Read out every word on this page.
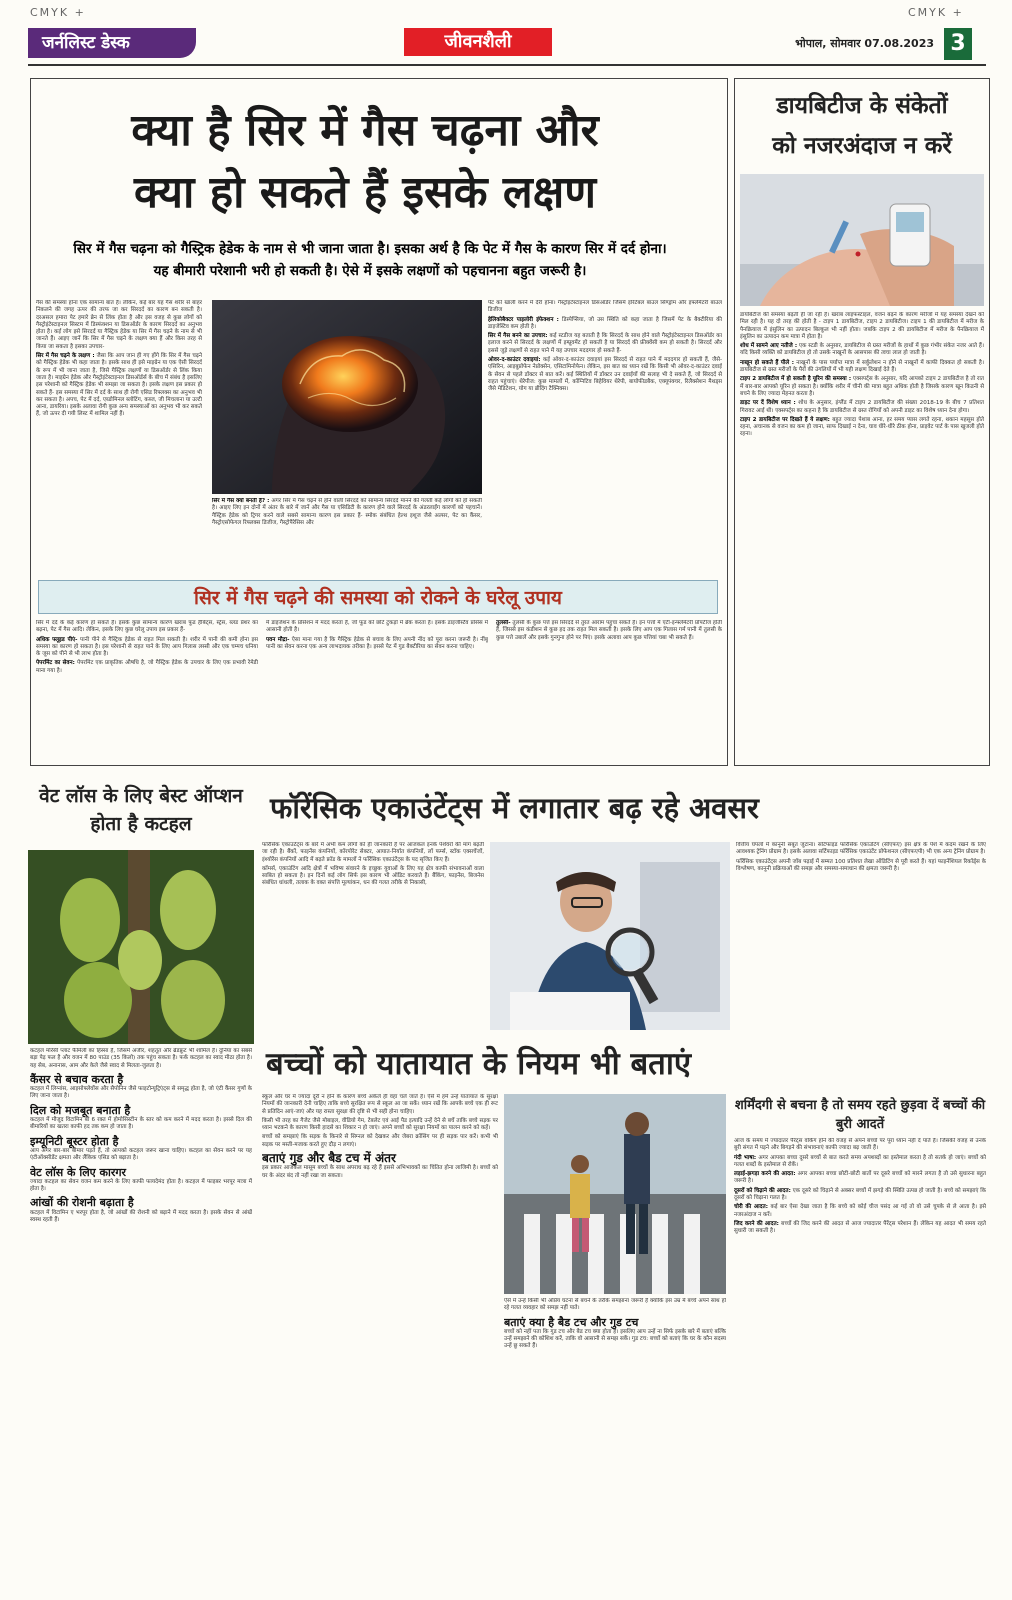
CMYK +	CMYK +
जर्नलिस्ट डेस्क	जीवनशैली	भोपाल, सोमवार 07.08.2023 3
क्या है सिर में गैस चढ़ना और
क्या हो सकते हैं इसके लक्षण
सिर में गैस चढ़ना को गैस्ट्रिक हेडेक के नाम से भी जाना जाता है। इसका अर्थ है कि पेट में गैस के कारण सिर में दर्द होना। यह बीमारी परेशानी भरी हो सकती है। ऐसे में इसके लक्षणों को पहचानना बहुत जरूरी है।

गैस की समस्या होना एक सामान्य बात है। लेकिन, कई बार यह गैस शरीर से बाहर निकलने की जगह ऊपर की तरफ जा कर सिरदर्द का कारण बन सकती है। दरअसल हमारा पेट हमारे ब्रेन से लिंक होता है और इस वजह से कुछ लोगों को गैस्ट्रोइंटेस्टाइनल सिस्टम में डिस्फंक्शन या डिसऑर्डर के कारण सिरदर्द का अनुभव होता है। कई लोग इसे सिरदर्द या गैस्ट्रिक हेडेक या सिर में गैस चढ़ने के नाम से भी जानते हैं। आइए जानें कि सिर में गैस चढ़ने के लक्षण क्या हैं और किस तरह से किया जा सकता है इसका उपचार-

सिर में गैस चढ़ने के लक्षण : जैसा कि आप जान ही गए होंगे कि सिर में गैस चढ़ने को गैस्ट्रिक हेडेक भी कहा जाता है। इसके साथ ही इसे माइग्रेन या एक ऐसी सिरदर्द के रूप में भी जाना जाता है, जिसे गैस्ट्रिक लक्षणों या डिसऑर्डर से लिंक किया जाता है। माइग्रेन हेडेक और गैस्ट्रोइंटेस्टाइनल डिसऑर्डर्स के बीच में संबंध है इसलिए इस परेशानी को गैस्ट्रिक हेडेक भी समझा जा सकता है। इसके लक्षण इस प्रकार हो सकते हैं- इस समस्या में सिर में दर्द के साथ ही रोगी एसिड रिफ्लक्स का अनुभव भी कर सकता है। अपच, पेट में दर्द, एब्डोमिनल ब्लोटिंग, कब्ज, जी मिचलाना या उल्टी आना, डायरिया। इसके अलावा रोगी कुछ अन्य समस्याओं का अनुभव भी कर सकते हैं, जो ऊपर दी गयी लिस्ट में शामिल नहीं हैं।

सिर में गैस क्यों बनती है? : अगर सिर में गैस चढ़ने से होने वाली सिरदर्द को सामान्य सिरदर्द मानने की गलती कई लोगों को हो सकती है। आइए लिए इन दोनों में अंतर के बारे में जानें और गैस या एसिडिटी के कारण होने वाले सिरदर्द के अंडरलाईंग कारणों को पहचानें। गैस्ट्रिक हेडेक को ट्रिगर करने वाले सबसे सामान्य कारण इस प्रकार हैं- स्मोक संबंधित हेल्थ इशूज जैसे अल्सर, पेट का कैंसर, गैस्ट्रोएसोफेगल रिफ्लक्स डिजीज, गैस्ट्रोपैरेसिस और

पेट को खाली करने में देरी होना। गैस्ट्रोइंटेस्टाइनल डिसऑर्डर जिसमें इरिटेबल बाउल सिण्ड्रोम और इंफ्लेमेटरी बाउल डिजीज

हेलिकोबैक्टर पाइलोरी इंफेक्शन : डिस्पेप्सिया, जो उस स्थिति को कहा जाता है जिसमें पेट के बैक्टीरिया की डाइजेस्टिव कम होती है।

सिर में गैस बनने का उपचार: कई स्टडीज यह बताती है कि सिरदर्द के साथ होने वाले गैस्ट्रोइंटेस्टाइनल डिसऑर्डर का इलाज करने से सिरदर्द के लक्षणों में इम्प्रूवमेंट हो सकती है या सिरदर्द की फ्रीक्वेंसी कम हो सकती है। सिरदर्द और इससे जुड़े लक्षणों से राहत पाने में यह उपचार मददगार हो सकते हैं-

ओवर-द-काउंटर दवाइयां: कई ओवर-द-काउंटर दवाइयां इस सिरदर्द से राहत पाने में मददगार हो सकती हैं, जैसे- एसिरिन, आइबुप्रोफेन नेप्रोक्सेन, एसिटामिनोफेन। लेकिन, इस बात का ध्यान रखें कि किसी भी ओवर-द-काउंटर दवाई के सेवन से पहले डॉक्टर से बात करें। कई स्थितियों में डॉक्टर उन दवाईयों की सलाह भी दे सकते हैं, जो सिरदर्द से राहत पहुंचाएं। थेरेपीज: कुछ मामलों में, कॉग्निटिव बिहेवियर थेरेपी, बायोफीडबैक, एक्यूपंक्चर, रिलैक्सेशन मैथड्स जैसे मेडिटेशन, योग या ब्रीदिंग टैक्निक्स।

सिर में गैस चढ़ने की समस्या को रोकने के घरेलू उपाय

सिर में दर्द के कई कारण हो सकते हैं। इसके कुछ सामान्य कारण खराब फूड हैबिट्स, स्ट्रेस, ब्लड प्रेशर का बढ़ना, पेट में गैस आदि। लेकिन, इसके लिए कुछ घरेलू उपाय इस प्रकार हैं-

अधिक फ्लूइड पीएं- पानी पीने से गैस्ट्रिक हेडेक से राहत मिल सकती है। शरीर में पानी की कमी होना इस समस्या का कारण हो सकता है। इस परेशानी से राहत पाने के लिए आप गिलास लस्सी और एक चम्मच धनिया के जूस को पीने से भी लाभ होता है।

पेपरमिंट का सेवन: पेपरमिंट एक प्राकृतिक औषधि है, जो गैस्ट्रिक हेडेक के उपचार के लिए एक प्रभावी रेमेडी माना गया है।

में डाइजेशन के प्रोसेशन में मदद करता है, जो फूड को छोटे टुकड़ों में ब्रेक करता है। इसके डाइजेस्टिव प्रोसेस में आसानी होती है।

पवन मौद्रा- ऐसा माना गया है कि गैस्ट्रिक हेडेक से बचाव के लिए अपनी नींद को पूरा करना जरूरी है। नींबू पानी का सेवन करना एक अन्य लाभदायक तरीका है। इससे पेट में गुड बैक्टीरिया का सेवन करना चाहिए।

तुलसी- तुलसी के कुछ पत्ते इस सिरदर्द से तुरंत आराम पहुंचा सकते हैं। इन पत्तों में एंटी-इन्फ्लेमेटरी प्रॉपर्टीज होती हैं, जिससे इस कंडीशन से कुछ हद तक राहत मिल सकती है। इसके लिए आप एक गिलास गर्म पानी में तुलसी के कुछ पत्ते उबालें और इसके गुनगुना होने पर पिएं। इसके अलावा आप कुछ पत्तियां चबा भी सकते हैं।

डायबिटीज के संकेतों
को नजरअंदाज न करें

डायबिटीज की समस्या बढ़ती ही जा रही है। खराब लाइफस्टाइल, वजन बढ़ने के कारण मरीजों में यह समस्या देखने को मिल रही है। यह दो तरह की होती है - टाइप 1 डायबिटीज, टाइप 2 डायबिटीज। टाइप 1 की डायबिटीज में मरीज के पैनक्रियाज में इंसुलिन का उत्पादन बिल्कुल भी नहीं होता। जबकि टाइप 2 की डायबिटीज में मरीज के पैनक्रियाज में इंसुलिन का उत्पादन कम मात्रा में होता है।

शोध में सामने आए नतीजे : एक स्टडी के अनुसार, डायबिटीज से ग्रस्त मरीजों के हाथों में कुछ गंभीर संकेत नजर आते हैं। यदि किसी व्यक्ति को डायबिटीज हो तो उसके नाखूनों के आसपास की त्वचा लाल हो जाती है।

नाखून हो सकते हैं पीले : नाखूनों के पास पर्याप्त मात्रा में सर्कुलेशन न होने से नाखूनों में काफी दिक्कत हो सकती है। डायबिटीज से ग्रस्त मरीजों के पैरों की उंगलियों में भी यही लक्षण दिखाई देते हैं।

टाइप 2 डायबिटीज में हो सकती है यूरिन की समस्या : एक्सपर्ट्स के अनुसार, यदि आपको टाइप 2 डायबिटीज है तो रात में बार-बार आपको यूरिन हो सकता है। क्योंकि शरीर में चीनी की मात्रा बहुत अधिक होती है जिसके कारण खून किडनी से बचने के लिए ज्यादा मेहनत करता है।

डाइट पर दें विशेष ध्यान : शोध के अनुसार, इंग्लैंड में टाइप 2 डायबिटीज की संख्या 2018-19 के बीच 7 प्रतिशत गिरावट आई थी। एक्सपर्ट्स का कहना है कि डायबिटीज से ग्रस्त रोगियों को अपनी डाइट का विशेष ध्यान देना होगा।

टाइप 2 डायबिटीज पर दिखते हैं ये लक्षण: बहुत ज्यादा पेशाब आना, हर समय प्यास लगते रहना, थकान महसूस होते रहना, अचानक से वजन का कम हो जाना, साफ दिखाई न देना, घाव धीरे-धीरे ठीक होना, प्राइवेट पार्ट के पास खुजली होते रहना।

वेट लॉस के लिए बेस्ट ऑप्शन होता है कटहल

कटहल मोरेसी प्लांट फैमिली का हिस्सा है, जिसमें अंजीर, शहतूत और ब्रेडफ्रूट भी शामिल हैं। दुनिया का सबसे बड़ा पेड़ फल है और वजन में 80 पाउंड (35 किलो) तक पहुंच सकता है। फर्क कटहल का स्वाद मीठा होता है। यह सेब, अनानास, आम और केले जैसे स्वाद से मिलता-जुलता है।

कैंसर से बचाव करता है

कटहल में लिग्नांस, आइसोफ्लेवोंस और सैपोनिन जैसे फाइटोन्यूट्रिएंट्स से समृद्ध होता है, जो एंटी कैंसर गुणों के लिए जाना जाता है।

दिल को मजबूत बनाता है

कटहल में मौजूद विटामिन बी 6 रक्त में होमोसिस्टीन के स्तर को कम करने में मदद करता है। इससे दिल की बीमारियों का खतरा काफी हद तक कम हो जाता है।

इम्यूनिटी बूस्टर होता है

आप अगर बार-बार बीमार पड़ते हैं, तो आपको कटहल जरूर खाना चाहिए। कटहल का सेवन करने पर यह एंटीऑक्सीडेंट क्षमता और लैंकिक एसिड को बढ़ाता है।

वेट लॉस के लिए कारगर

ज्यादा कटहल का सेवन वजन कम करने के लिए काफी फायदेमंद होता है। कटहल में फाइबर भरपूर मात्रा में होता है।

आंखों की रोशनी बढ़ाता है

कटहल में विटामिन ए भरपूर होता है, जो आंखों की रोशनी को बढ़ाने में मदद करता है। इसके सेवन से आंखें स्वस्थ रहती हैं।

फॉरेंसिक एकाउंटेंट्स में लगातार बढ़ रहे अवसर

फॉरेंसिक एकाउंटेंट्स के बारे में अभी कम लोगों को ही जानकारी है पर आजकल इनके पेशेवरों की मांग बढ़ती जा रही है। बैंकों, फाइनेंस कंपनियों, कॉरपोरेट सेक्टर, आयात-निर्यात कंपनियों, लॉ फर्म्स, स्टॉक एक्सचेंजों, इंश्योरेंस कंपनियों आदि में बढ़ते फ्रॉड के मामलों ने फॉरेंसिक एकाउंटेंट्स के पद सृजित किए हैं।

कॉमर्स, एकाउंटिंग आदि क्षेत्रों में भविष्य संवारने के इच्छुक युवाओं के लिए यह क्षेत्र काफी संभावनाओं वाला साबित हो सकता है। इन दिनों कई लोग सिर्फ इस कारण भी ऑडिट करवाते हैं। बैंकिंग, फाइनेंस, बिजनेस संबंधित धांधली, तलाक के वक्त संपत्ति मूल्यांकन, धन की गलत तरीके से निकासी,

वित्तीय घपलों में कानूनी सबूत जुटाना। सर्टिफाइड फॉरेंसिक एकाउंटिंग (सीएफए) इस क्षेत्र के पेशे में कदम रखने के लिए आवश्यक ट्रेनिंग प्रोग्राम है। इसके अलावा सर्टिफाइड फॉरेंसिक एकाउंटेंट प्रोफेशनल (सीएफएपी) भी एक अन्य ट्रेनिंग प्रोग्राम है।

फॉरेंसिक एकाउंटेंट्स अपनी जॉब पढ़ाई में सम्मत 100 प्रतिशत लेखा ऑडिटिंग से पूरी करते हैं। यहां फाइनेंशियल रिकॉर्ड्स के विश्लेषण, कानूनी प्रक्रियाओं की समझ और समस्या-समाधान की क्षमता जरूरी है।

बच्चों को यातायात के नियम भी बताएं

स्कूल और घर में ज्यादा दूरी न होने के कारण बच्चे अकेले ही वहां चले जाते हैं। ऐसे में हमें उन्हें यातायात के सुरक्षा नियमों की जानकारी देनी चाहिए ताकि बच्चे सुरक्षित रूप से स्कूल आ जा सकें। ध्यान रखें कि आपके बच्चे एक ही रूट से प्रतिदिन आएं-जाएं और यह रास्ता सुरक्षा की दृष्टि से भी सही होना चाहिए।

किसी भी तरह का गैजेट जैसे मोबाइल, वीडियो गेम, टेबलेट एवं आई पैड इत्यादि उन्हें देने से बचें ताकि बच्चे सड़क पर ध्यान भटकने के कारण किसी हादसे का शिकार न हो जाएं। अपने बच्चों को सुरक्षा नियमों का पालन करने को कहें।

बच्चों को समझाएं कि सड़क के किनारे से सिग्नल को देखकर और जेबरा क्रॉसिंग पर ही सड़क पार करें। कभी भी सड़क पर मस्ती-मजाक करते हुए दौड़ न लगाएं।

बताएं गुड और बैड टच में अंतर

इस प्रकार आजकल मासूम बच्चों के साथ अपराध बढ़ रहे हैं इससे अभिभावकों का चिंतित होना लाजिमी है। बच्चों को घर के अंदर बंद तो नहीं रखा जा सकता।

ऐसे में उन्हें किसी भी अप्रिय घटना से बचने के तरीके समझाना जरूरी है क्योंकि इस उम्र में बच्चे अपने साथ हो रहे गलत व्यवहार को समझ नहीं पाते।

बताएं क्या है बैड टच और गुड टच

बच्चों को नहीं पता कि गुड टच और बैड टच क्या होता है। इसलिए आप उन्हें ना सिर्फ इसके बारे में बताएं बल्कि उन्हें समझाने की कोशिश करें, ताकि वो आसानी से समझ सकें। गुड टच: बच्चों को बताएं कि घर के कौन सदस्य उन्हें छू सकते हैं।

शर्मिंदगी से बचना है तो समय रहते छुड़वा दें बच्चों की बुरी आदतें

आज के समय में ज्यादातर पैरेंट्स वर्किंग होने की वजह से अपने बच्चों पर पूरा ध्यान नहीं दे पाते हैं। जिसकी वजह से उनके बुरी संगत में पड़ने और बिगड़ने की संभावनाएं काफी ज्यादा बढ़ जाती हैं।

गंदी भाषा: अगर आपका बच्चा दूसरे बच्चों से बात करते समय अपशब्दों का इस्तेमाल करता है तो सतर्क हो जाएं। बच्चों को गलत शब्दों के इस्तेमाल से रोकें।

लड़ाई-झगड़ा करने की आदत: अगर आपका बच्चा छोटी-छोटी बातों पर दूसरे बच्चों को मारने लगता है तो उसे सुधारना बहुत जरूरी है।

दूसरों को चिढ़ाने की आदत: एक दूसरे को चिढ़ाने से अक्सर बच्चों में झगड़े की स्थिति उत्पन्न हो जाती है। बच्चे को समझाएं कि दूसरों को चिढ़ाना गलत है।

चोरी की आदत: कई बार ऐसा देखा जाता है कि बच्चे को कोई चीज पसंद आ गई तो वो उसे चुपके से ले आता है। इसे नजरअंदाज न करें।

जिद करने की आदत: बच्चों की जिद करने की आदत से आज ज्यादातर पैरेंट्स परेशान हैं। लेकिन यह आदत भी समय रहते सुधारी जा सकती है।
